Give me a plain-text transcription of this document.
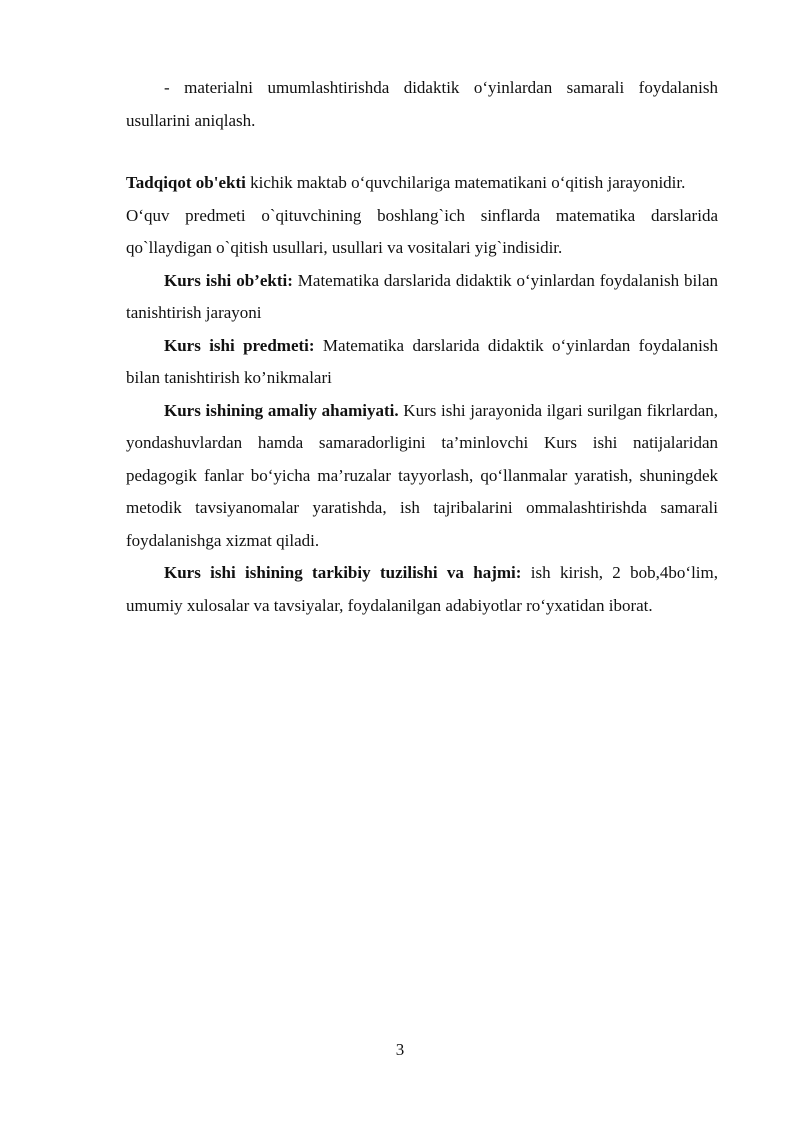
- materialni umumlashtirishda didaktik o‘yinlardan samarali foydalanish usullarini aniqlash.

Tadqiqot ob'ekti kichik maktab o‘quvchilariga matematikani o‘qitish jarayonidir.

O‘quv predmeti o`qituvchining boshlang`ich sinflarda matematika darslarida qo`llaydigan o`qitish usullari, usullari va vositalari yig`indisidir.

Kurs ishi ob’ekti: Matematika darslarida didaktik o‘yinlardan foydalanish bilan tanishtirish jarayoni

Kurs ishi predmeti: Matematika darslarida didaktik o‘yinlardan foydalanish bilan tanishtirish ko’nikmalari

Kurs ishining amaliy ahamiyati. Kurs ishi jarayonida ilgari surilgan fikrlardan, yondashuvlardan hamda samaradorligini ta’minlovchi Kurs ishi natijalaridan pedagogik fanlar bo‘yicha ma’ruzalar tayyorlash, qo‘llanmalar yaratish, shuningdek metodik tavsiyanomalar yaratishda, ish tajribalarini ommalashtirishda samarali foydalanishga xizmat qiladi.

Kurs ishi ishining tarkibiy tuzilishi va hajmi: ish kirish, 2 bob,4bo‘lim, umumiy xulosalar va tavsiyalar, foydalanilgan adabiyotlar ro‘yxatidan iborat.

3
